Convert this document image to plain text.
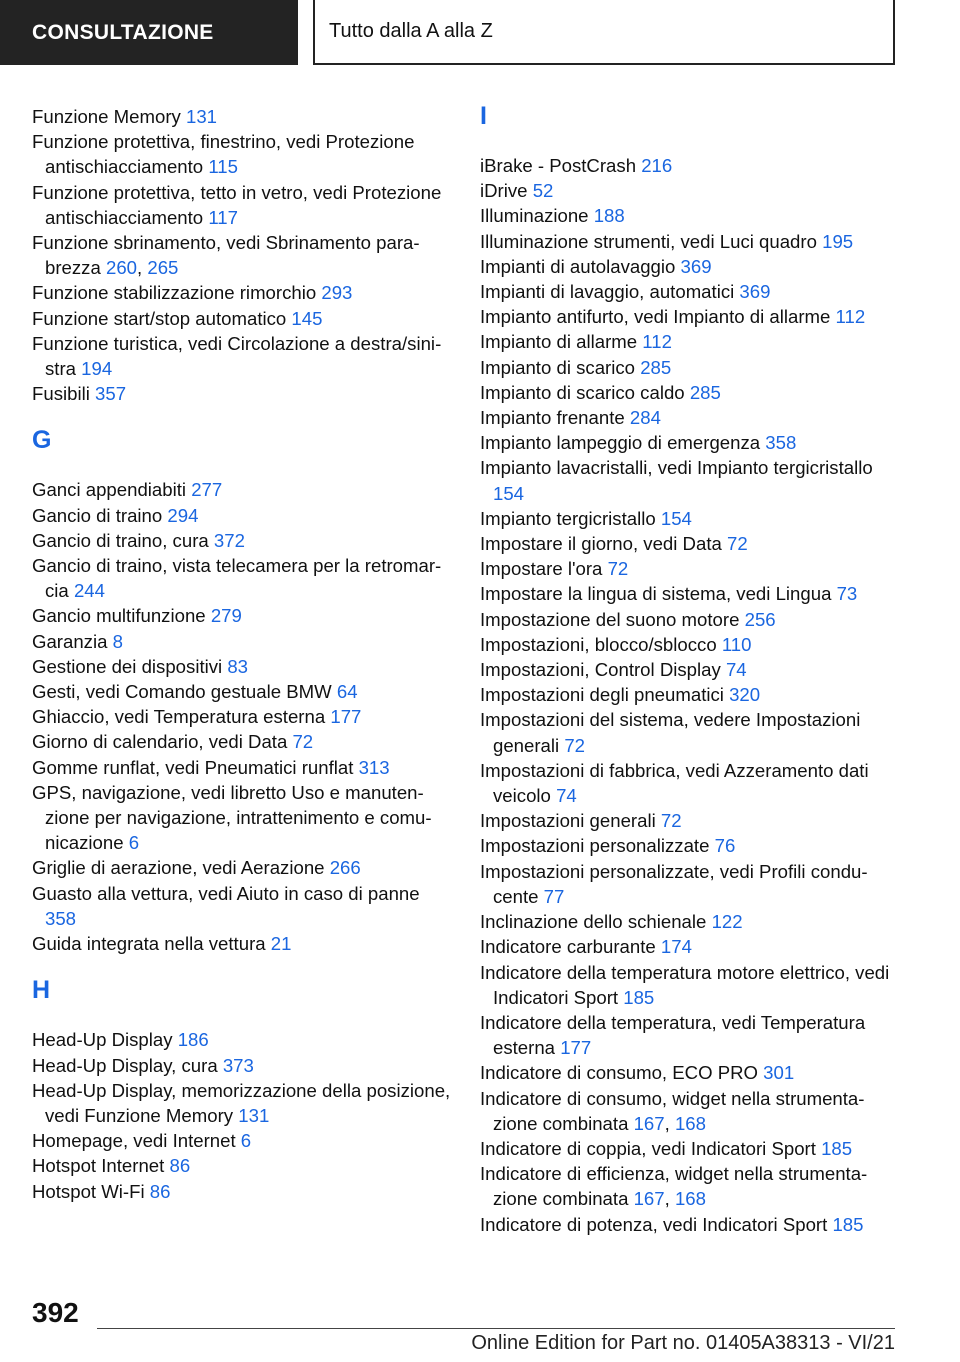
CONSULTAZIONE	Tutto dalla A alla Z
Funzione Memory 131
Funzione protettiva, finestrino, vedi Protezione antischiacciamento 115
Funzione protettiva, tetto in vetro, vedi Protezione antischiacciamento 117
Funzione sbrinamento, vedi Sbrinamento parabrezza 260, 265
Funzione stabilizzazione rimorchio 293
Funzione start/stop automatico 145
Funzione turistica, vedi Circolazione a destra/sinistra 194
Fusibili 357
G
Ganci appendiabiti 277
Gancio di traino 294
Gancio di traino, cura 372
Gancio di traino, vista telecamera per la retromarcia 244
Gancio multifunzione 279
Garanzia 8
Gestione dei dispositivi 83
Gesti, vedi Comando gestuale BMW 64
Ghiaccio, vedi Temperatura esterna 177
Giorno di calendario, vedi Data 72
Gomme runflat, vedi Pneumatici runflat 313
GPS, navigazione, vedi libretto Uso e manutenzione per navigazione, intrattenimento e comunicazione 6
Griglie di aerazione, vedi Aerazione 266
Guasto alla vettura, vedi Aiuto in caso di panne 358
Guida integrata nella vettura 21
H
Head-Up Display 186
Head-Up Display, cura 373
Head-Up Display, memorizzazione della posizione, vedi Funzione Memory 131
Homepage, vedi Internet 6
Hotspot Internet 86
Hotspot Wi-Fi 86
I
iBrake - PostCrash 216
iDrive 52
Illuminazione 188
Illuminazione strumenti, vedi Luci quadro 195
Impianti di autolavaggio 369
Impianti di lavaggio, automatici 369
Impianto antifurto, vedi Impianto di allarme 112
Impianto di allarme 112
Impianto di scarico 285
Impianto di scarico caldo 285
Impianto frenante 284
Impianto lampeggio di emergenza 358
Impianto lavacristalli, vedi Impianto tergicristallo 154
Impianto tergicristallo 154
Impostare il giorno, vedi Data 72
Impostare l'ora 72
Impostare la lingua di sistema, vedi Lingua 73
Impostazione del suono motore 256
Impostazioni, blocco/sblocco 110
Impostazioni, Control Display 74
Impostazioni degli pneumatici 320
Impostazioni del sistema, vedere Impostazioni generali 72
Impostazioni di fabbrica, vedi Azzeramento dati veicolo 74
Impostazioni generali 72
Impostazioni personalizzate 76
Impostazioni personalizzate, vedi Profili conducente 77
Inclinazione dello schienale 122
Indicatore carburante 174
Indicatore della temperatura motore elettrico, vedi Indicatori Sport 185
Indicatore della temperatura, vedi Temperatura esterna 177
Indicatore di consumo, ECO PRO 301
Indicatore di consumo, widget nella strumentazione combinata 167, 168
Indicatore di coppia, vedi Indicatori Sport 185
Indicatore di efficienza, widget nella strumentazione combinata 167, 168
Indicatore di potenza, vedi Indicatori Sport 185
392
Online Edition for Part no. 01405A38313 - VI/21
